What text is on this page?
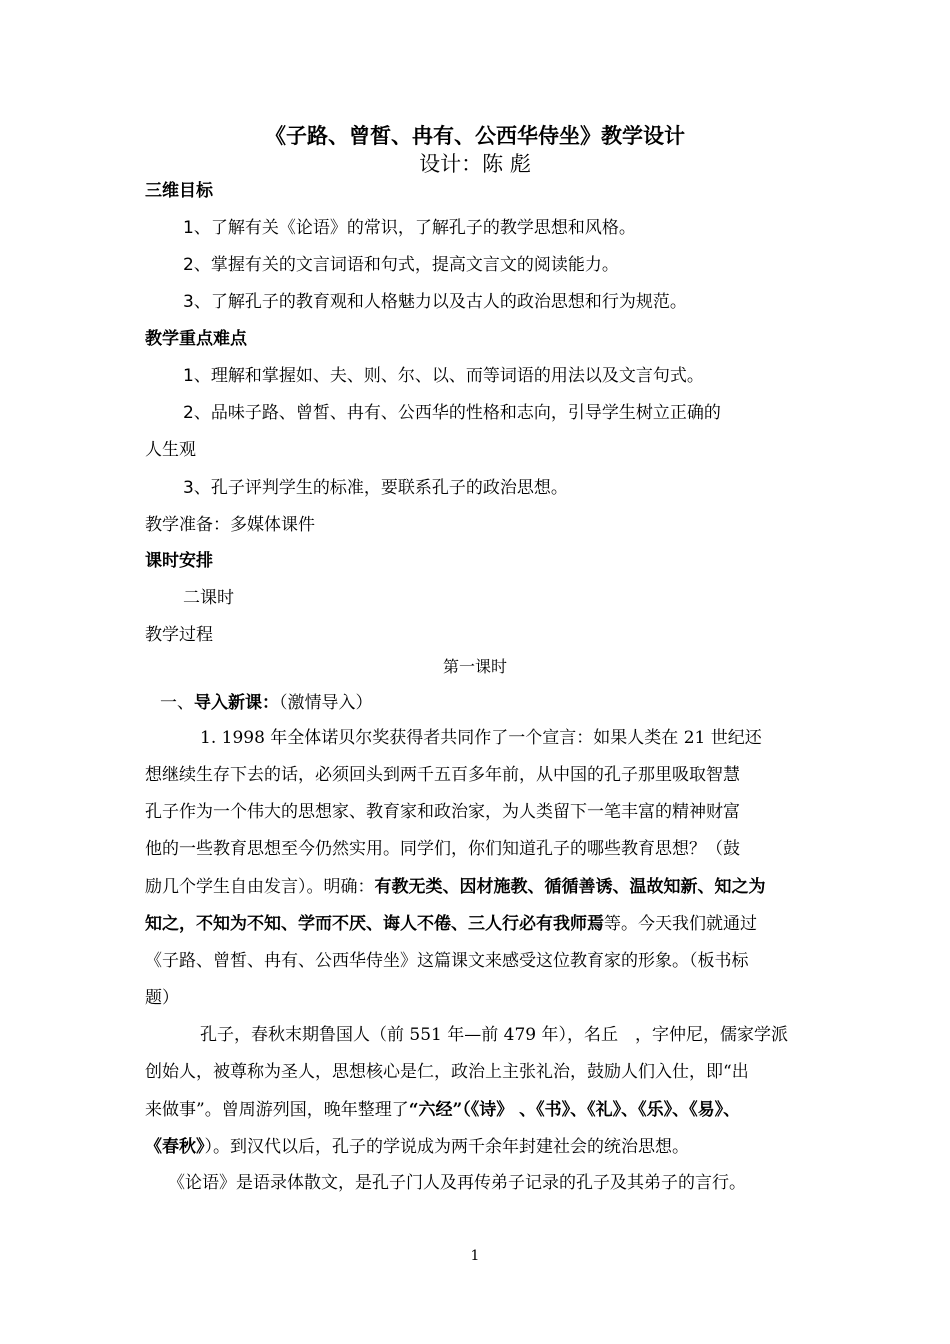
《子路、曾皙、冉有、公西华侍坐》教学设计
设计：陈 彪
三维目标
1、了解有关《论语》的常识，了解孔子的教学思想和风格。
2、掌握有关的文言词语和句式，提高文言文的阅读能力。
3、了解孔子的教育观和人格魅力以及古人的政治思想和行为规范。
教学重点难点
1、理解和掌握如、夫、则、尔、以、而等词语的用法以及文言句式。
2、品味子路、曾皙、冉有、公西华的性格和志向，引导学生树立正确的
人生观
3、孔子评判学生的标准，要联系孔子的政治思想。
教学准备：多媒体课件
课时安排
二课时
教学过程
第一课时
一、导入新课：（激情导入）
1. 1998 年全体诺贝尔奖获得者共同作了一个宣言：如果人类在 21 世纪还
想继续生存下去的话，必须回头到两千五百多年前，从中国的孔子那里吸取智慧
孔子作为一个伟大的思想家、教育家和政治家，为人类留下一笔丰富的精神财富
他的一些教育思想至今仍然实用。同学们，你们知道孔子的哪些教育思想？（鼓
励几个学生自由发言）。明确：有教无类、因材施教、循循善诱、温故知新、知之为
知之，不知为不知、学而不厌、诲人不倦、三人行必有我师焉等。今天我们就通过
《子路、曾皙、冉有、公西华侍坐》这篇课文来感受这位教育家的形象。（板书标
题）
孔子，春秋末期鲁国人（前 551 年—前 479 年），名丘　，字仲尼，儒家学派
创始人，被尊称为圣人，思想核心是仁，政治上主张礼治，鼓励人们入仕，即“出
来做事”。曾周游列国，晚年整理了“六经”（《诗》 、《书》、《礼》、《乐》、《易》、
《春秋》）。到汉代以后，孔子的学说成为两千余年封建社会的统治思想。
《论语》是语录体散文，是孔子门人及再传弟子记录的孔子及其弟子的言行。
1
